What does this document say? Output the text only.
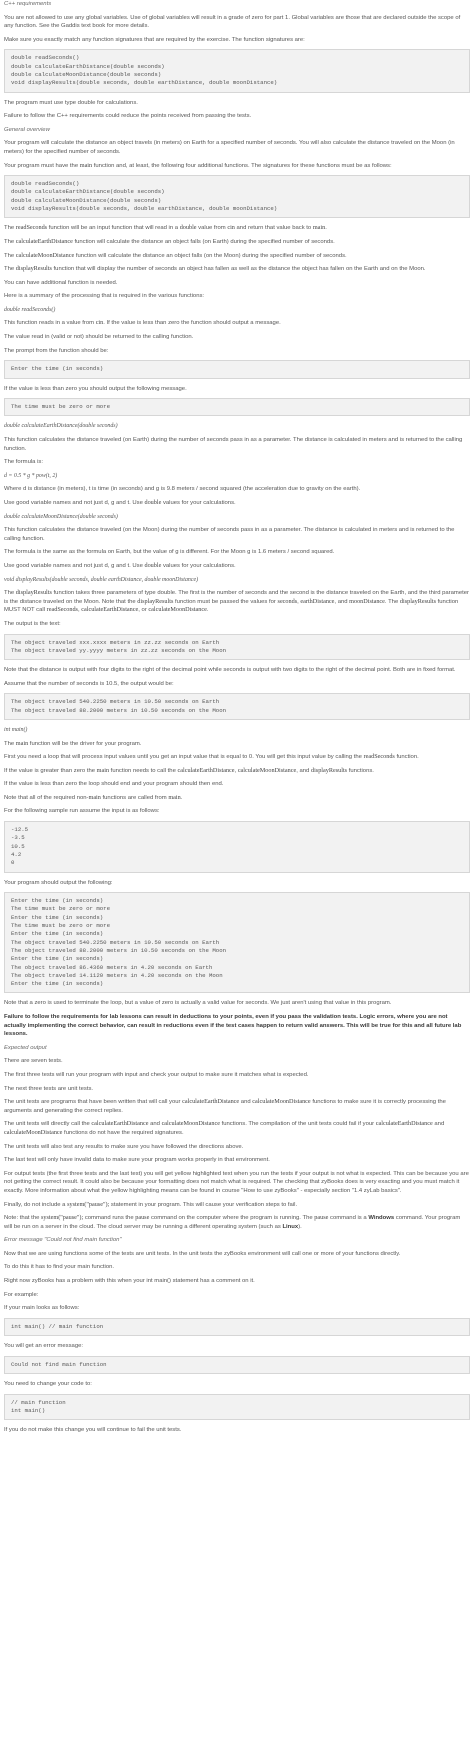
C++ requirements
You are not allowed to use any global variables. Use of global variables will result in a grade of zero for part 1. Global variables are those that are declared outside the scope of any function. See the Gaddis text book for more details.
Make sure you exactly match any function signatures that are required by the exercise. The function signatures are:
double readSeconds()
double calculateEarthDistance(double seconds)
double calculateMoonDistance(double seconds)
void displayResults(double seconds, double earthDistance, double moonDistance)
The program must use type double for calculations.
Failure to follow the C++ requirements could reduce the points received from passing the tests.
General overview
Your program will calculate the distance an object travels (in meters) on Earth for a specified number of seconds. You will also calculate the distance traveled on the Moon (in meters) for the specified number of seconds.
Your program must have the main function and, at least, the following four additional functions. The signatures for these functions must be as follows:
double readSeconds()
double calculateEarthDistance(double seconds)
double calculateMoonDistance(double seconds)
void displayResults(double seconds, double earthDistance, double moonDistance)
The readSeconds function will be an input function that will read in a double value from cin and return that value back to main.
The calculateEarthDistance function will calculate the distance an object falls (on Earth) during the specified number of seconds.
The calculateMoonDistance function will calculate the distance an object falls (on the Moon) during the specified number of seconds.
The displayResults function that will display the number of seconds an object has fallen as well as the distance the object has fallen on the Earth and on the Moon.
You can have additional function is needed.
Here is a summary of the processing that is required in the various functions:
double readSeconds()
This function reads in a value from cin. If the value is less than zero the function should output a message.
The value read in (valid or not) should be returned to the calling function.
The prompt from the function should be:
Enter the time (in seconds)
If the value is less than zero you should output the following message.
The time must be zero or more
double calculateEarthDistance(double seconds)
This function calculates the distance traveled (on Earth) during the number of seconds pass in as a parameter. The distance is calculated in meters and is returned to the calling function.
The formula is:
d = 0.5 * g * pow(t, 2)
Where d is distance (in meters), t is time (in seconds) and g is 9.8 meters / second squared (the acceleration due to gravity on the earth).
Use good variable names and not just d, g and t. Use double values for your calculations.
double calculateMoonDistance(double seconds)
This function calculates the distance traveled (on the Moon) during the number of seconds pass in as a parameter. The distance is calculated in meters and is returned to the calling function.
The formula is the same as the formula on Earth, but the value of g is different. For the Moon g is 1.6 meters / second squared.
Use good variable names and not just d, g and t. Use double values for your calculations.
void displayResults(double seconds, double earthDistance, double moonDistance)
The displayResults function takes three parameters of type double. The first is the number of seconds and the second is the distance traveled on the Earth, and the third parameter is the distance traveled on the Moon. Note that the displayResults function must be passed the values for seconds, earthDistance, and moonDistance. The displayResults function MUST NOT call readSeconds, calculateEarthDistance, or calculateMoonDistance.
The output is the text:
The object traveled xxx.xxxx meters in zz.zz seconds on Earth
The object traveled yy.yyyy meters in zz.zz seconds on the Moon
Note that the distance is output with four digits to the right of the decimal point while seconds is output with two digits to the right of the decimal point. Both are in fixed format.
Assume that the number of seconds is 10.5, the output would be:
The object traveled 540.2250 meters in 10.50 seconds on Earth
The object traveled 88.2000 meters in 10.50 seconds on the Moon
int main()
The main function will be the driver for your program.
First you need a loop that will process input values until you get an input value that is equal to 0. You will get this input value by calling the readSeconds function.
If the value is greater than zero the main function needs to call the calculateEarthDistance, calculateMoonDistance, and displayResults functions.
If the value is less than zero the loop should end and your program should then end.
Note that all of the required non-main functions are called from main.
For the following sample run assume the input is as follows:
-12.5
-3.5
10.5
4.2
0
Your program should output the following:
Enter the time (in seconds)
The time must be zero or more
Enter the time (in seconds)
The time must be zero or more
Enter the time (in seconds)
The object traveled 540.2250 meters in 10.50 seconds on Earth
The object traveled 88.2000 meters in 10.50 seconds on the Moon
Enter the time (in seconds)
The object traveled 86.4360 meters in 4.20 seconds on Earth
The object traveled 14.1120 meters in 4.20 seconds on the Moon
Enter the time (in seconds)
Note that a zero is used to terminate the loop, but a value of zero is actually a valid value for seconds. We just aren't using that value in this program.
Failure to follow the requirements for lab lessons can result in deductions to your points, even if you pass the validation tests. Logic errors, where you are not actually implementing the correct behavior, can result in reductions even if the test cases happen to return valid answers. This will be true for this and all future lab lessons.
Expected output
There are seven tests.
The first three tests will run your program with input and check your output to make sure it matches what is expected.
The next three tests are unit tests.
The unit tests are programs that have been written that will call your calculateEarthDistance and calculateMoonDistance functions to make sure it is correctly processing the arguments and generating the correct replies.
The unit tests will directly call the calculateEarthDistance and calculateMoonDistance functions. The compilation of the unit tests could fail if your calculateEarthDistance and calculateMoonDistance functions do not have the required signatures.
The unit tests will also test any results to make sure you have followed the directions above.
The last test will only have invalid data to make sure your program works properly in that environment.
For output tests (the first three tests and the last test) you will get yellow highlighted text when you run the tests if your output is not what is expected. This can be because you are not getting the correct result. It could also be because your formatting does not match what is required. The checking that zyBooks does is very exacting and you must match it exactly. More information about what the yellow highlighting means can be found in course "How to use zyBooks" - especially section "1.4 zyLab basics".
Finally, do not include a system("pause"); statement in your program. This will cause your verification steps to fail.
Note: that the system("pause"); command runs the pause command on the computer where the program is running. The pause command is a Windows command. Your program will be run on a server in the cloud. The cloud server may be running a different operating system (such as Linux).
Error message "Could not find main function"
Now that we are using functions some of the tests are unit tests. In the unit tests the zyBooks environment will call one or more of your functions directly.
To do this it has to find your main function.
Right now zyBooks has a problem with this when your int main() statement has a comment on it.
For example:
If your main looks as follows:
int main() // main function
You will get an error message:
Could not find main function
You need to change your code to:
// main function
int main()
If you do not make this change you will continue to fail the unit tests.
